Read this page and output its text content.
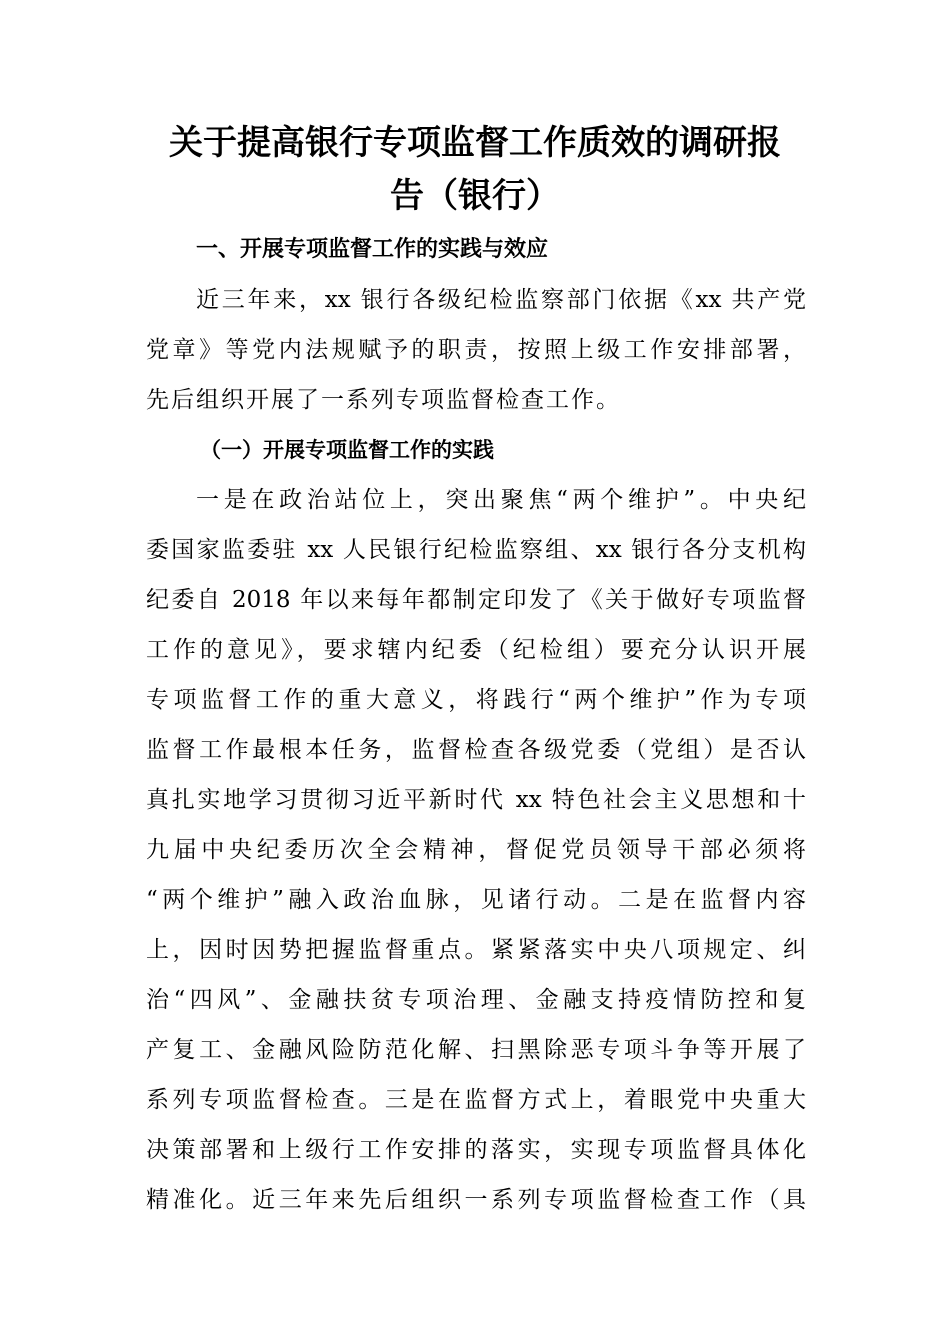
关于提高银行专项监督工作质效的调研报
告（银行）
一、开展专项监督工作的实践与效应
近三年来，xx 银行各级纪检监察部门依据《xx 共产党
党章》等党内法规赋予的职责，按照上级工作安排部署，
先后组织开展了一系列专项监督检查工作。
（一）开展专项监督工作的实践
一是在政治站位上，突出聚焦“两个维护”。中央纪
委国家监委驻 xx 人民银行纪检监察组、xx 银行各分支机构
纪委自 2018 年以来每年都制定印发了《关于做好专项监督
工作的意见》，要求辖内纪委（纪检组）要充分认识开展
专项监督工作的重大意义，将践行“两个维护”作为专项
监督工作最根本任务，监督检查各级党委（党组）是否认
真扎实地学习贯彻习近平新时代 xx 特色社会主义思想和十
九届中央纪委历次全会精神，督促党员领导干部必须将
“两个维护”融入政治血脉，见诸行动。二是在监督内容
上，因时因势把握监督重点。紧紧落实中央八项规定、纠
治“四风”、金融扶贫专项治理、金融支持疫情防控和复
产复工、金融风险防范化解、扫黑除恶专项斗争等开展了
系列专项监督检查。三是在监督方式上，着眼党中央重大
决策部署和上级行工作安排的落实，实现专项监督具体化
精准化。近三年来先后组织一系列专项监督检查工作（具
